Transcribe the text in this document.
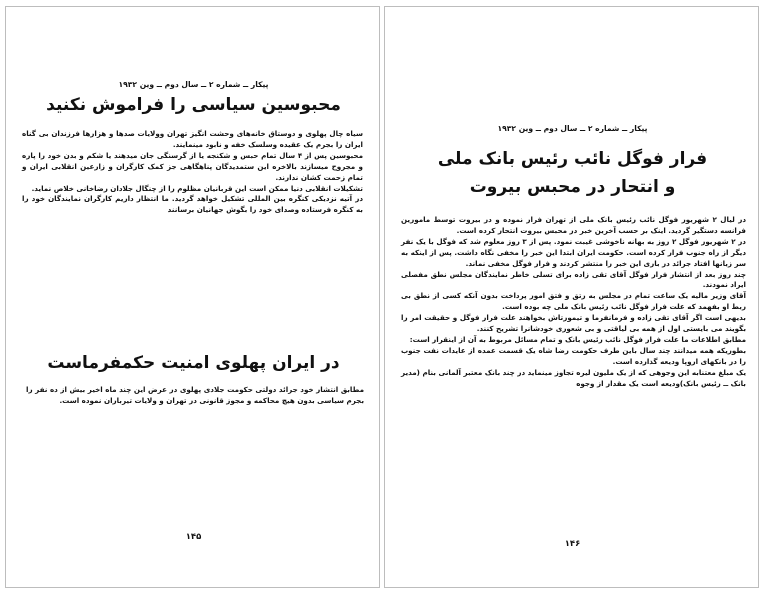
پیکار ــ شماره ۲ ــ سال دوم ــ وین ۱۹۳۲
محبوسین سیاسی را فراموش نکنید

سیاه چال پهلوی و دوستاق خانه‌های وحشت انگیز تهران وولایات صدها و هزارها فرزندان بی گناه ایران را بجرم یک عقیده وسلسک خفه و نابود مینمایند.

محبوسین پس از ۴ سال تمام حبس و شکنجه یا از گرسنگی جان میدهند یا شکم و بدن خود را پاره و مجروح میسازند بالاخره این ستمدیدگان پناهگاهی جز کمک کارگران و زارعین انقلابی ایران و تمام زحمت کشان ندارند.

تشکیلات انقلابی دنیا ممکن است این قربانیان مظلوم را از چنگال جلادان رضاخانی خلاص نماید.

در آتیه نزدیکی کنگره بین المللی تشکیل خواهد گردید. ما انتظار داریم کارگران نمایندگان خود را به کنگره فرستاده وصدای خود را بگوش جهانیان برسانند

در ایران پهلوی امنیت حکمفرماست

مطابق انتشار خود جرائد دولتی حکومت جلادی پهلوی در عرض این چند ماه اخیر بیش از ده نفر را بجرم سیاسی بدون هیچ محاکمه و مجوز قانونی در تهران و ولایات تیرباران نموده است.

۱۴۵
پیکار ــ شماره ۲ ــ سال دوم ــ وین ۱۹۳۲
فرار فوگل نائب رئیس بانک ملی
و انتحار در محبس بیروت

در لیال ۲ شهریور فوگل نائب رئیس بانک ملی از تهران فرار نموده و در بیروت توسط مامورین فرانسه دستگیر گردید. اینک بر حسب آخرین خبر در محبس بیروت انتحار کرده است.

در ۲ شهریور فوگل ۲ روز به بهانه ناخوشی غیبت نمود. پس از ۳ روز معلوم شد که فوگل با یک نفر دیگر از راه جنوب فرار کرده است. حکومت ایران ابتدا این خبر را مخفی نگاه داشت. پس از اینکه به سر زبانها افتاد جرائد در باری این خبر را منتشر کردند و فرار فوگل مخفی نماند.

چند روز بعد از انتشار فرار فوگل آقای تقی زاده برای تسلی خاطر نمایندگان مجلس نطق مفصلی ایراد نمودند.

آقای وزیر مالیه یک ساعت تمام در مجلس به رتق و فتق امور پرداخت بدون آنکه کسی از نطق بی ربط او بفهمد که علت فرار فوگل نائب رئیس بانک ملی چه بوده است.

بدیهی است اگر آقای تقی زاده و فرمانفرما و تیمورتاش بخواهند علت فرار فوگل و حقیقت امر را بگویند می بایستی اول از همه بی لیاقتی و بی شعوری خودشانرا تشریح کنند.

مطابق اطلاعات ما علت فرار فوگل نائب رئیس بانک و تمام مسائل مربوط به آن از اینقرار است:

بطوریکه همه میدانند چند سال باین طرف حکومت رضا شاه یک قسمت عمده از عایدات نفت جنوب را در بانکهای اروپا ودیعه گذارده است.

یک مبلغ معتنابه این وجوهی که از یک ملیون لیره تجاوز مینماید در چند بانک معتبر آلمانی بنام (مدیر بانک ــ رئیس بانک)ودیعه است یک مقدار از وجوه

۱۴۶
